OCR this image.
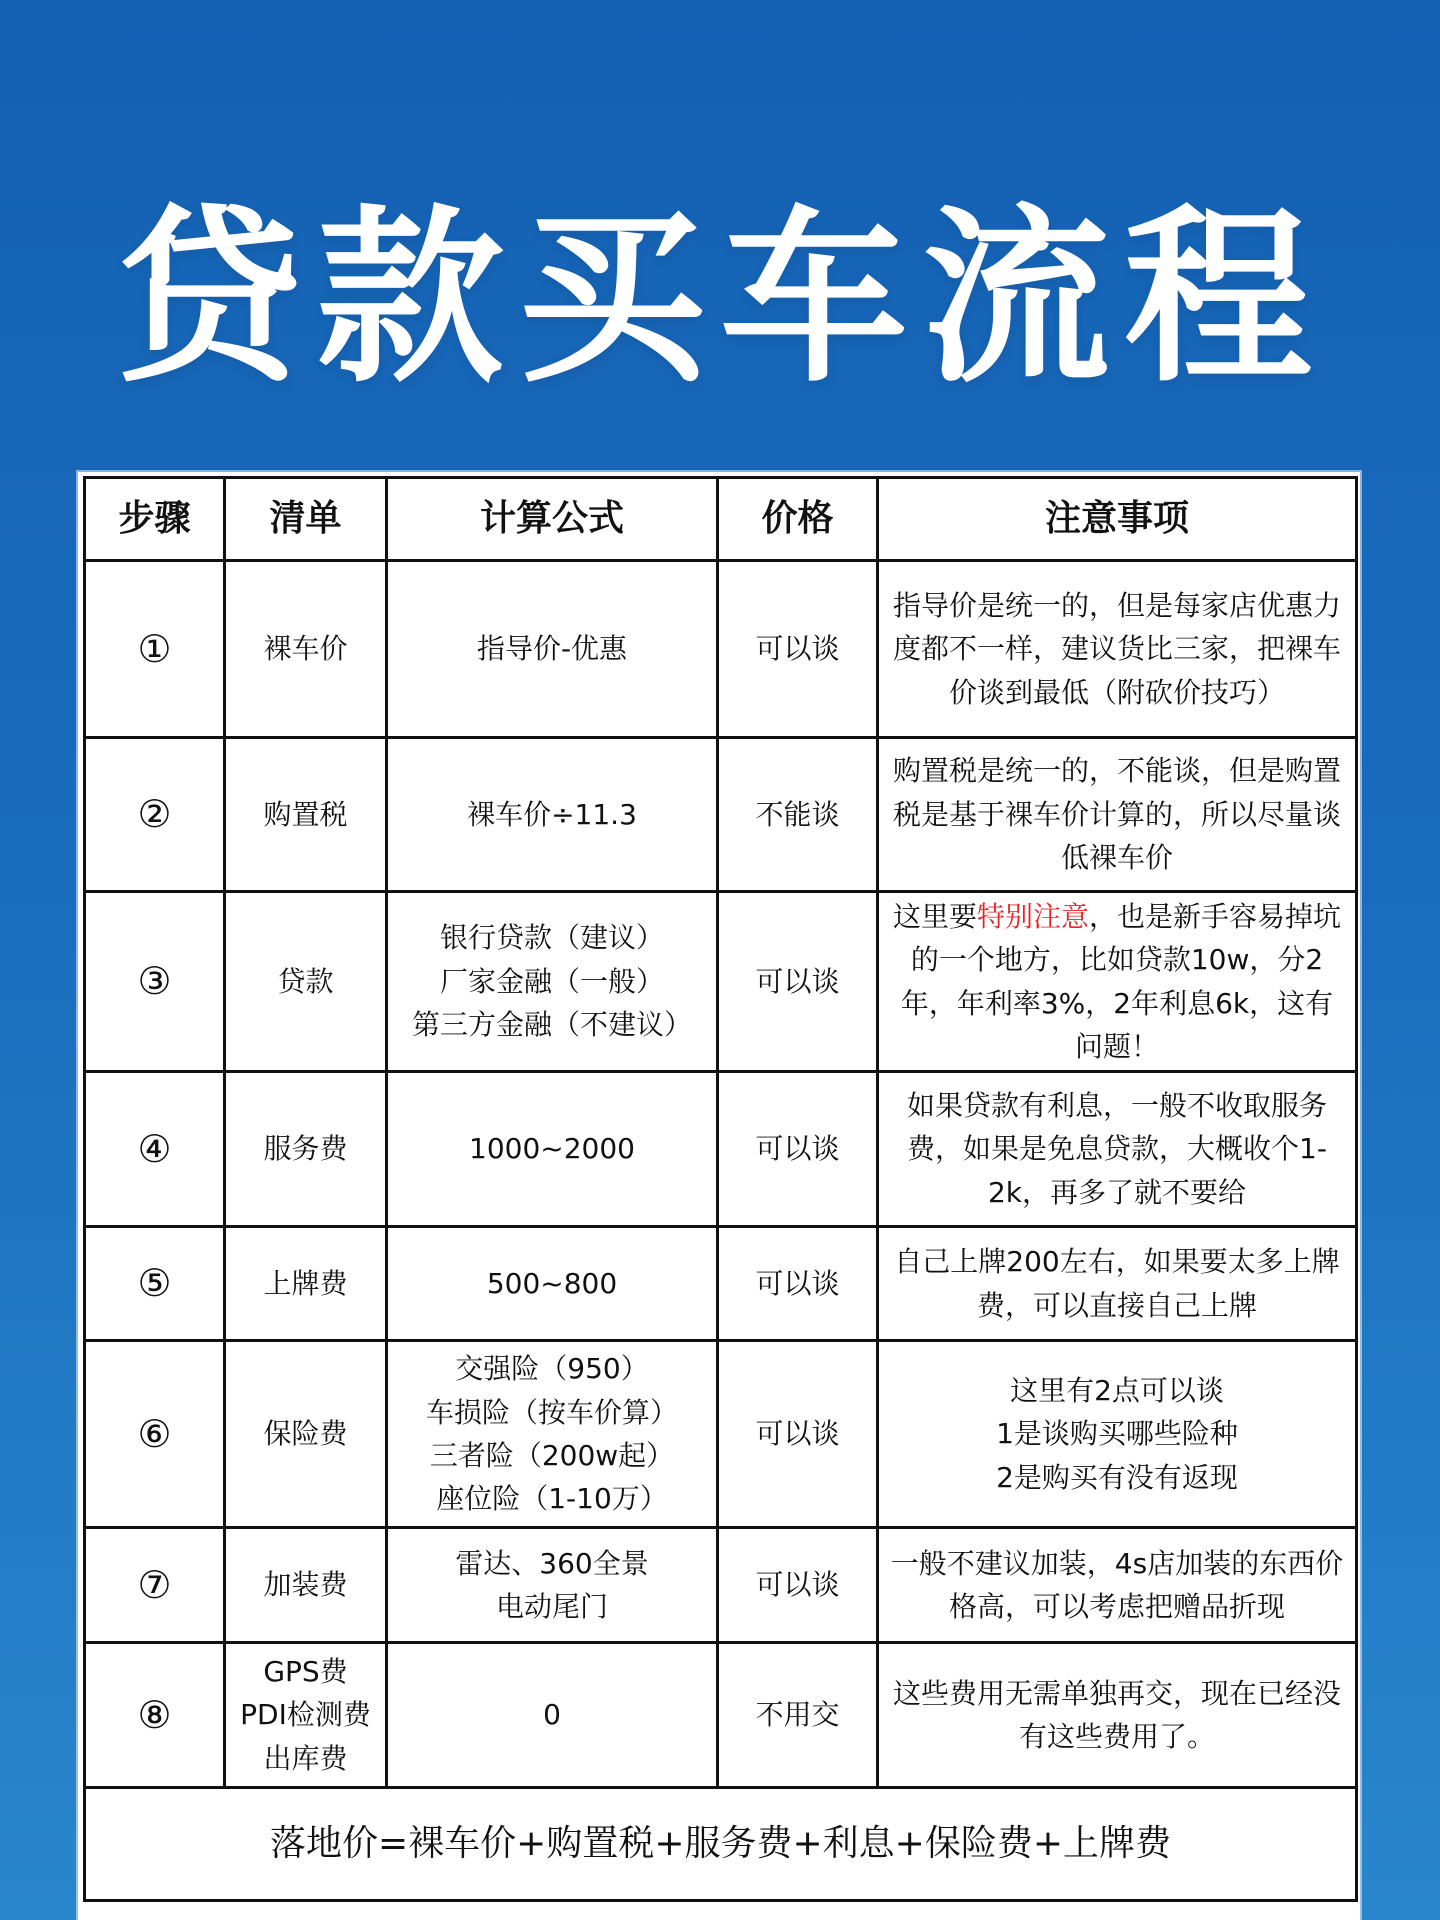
贷款买车流程
步骤	清单	计算公式	价格	注意事项
①	裸车价	指导价-优惠	可以谈	指导价是统一的，但是每家店优惠力度都不一样，建议货比三家，把裸车价谈到最低（附砍价技巧）
②	购置税	裸车价÷11.3	不能谈	购置税是统一的，不能谈，但是购置税是基于裸车价计算的，所以尽量谈低裸车价
③	贷款	银行贷款（建议）
厂家金融（一般）
第三方金融（不建议）	可以谈	这里要特别注意，也是新手容易掉坑的一个地方，比如贷款10w，分2年，年利率3%，2年利息6k，这有问题！
④	服务费	1000~2000	可以谈	如果贷款有利息，一般不收取服务费，如果是免息贷款，大概收个1-2k，再多了就不要给
⑤	上牌费	500~800	可以谈	自己上牌200左右，如果要太多上牌费，可以直接自己上牌
⑥	保险费	交强险（950）
车损险（按车价算）
三者险（200w起）
座位险（1-10万）	可以谈	这里有2点可以谈
1是谈购买哪些险种
2是购买有没有返现

⑦	加装费	雷达、360全景
电动尾门	可以谈	一般不建议加装，4s店加装的东西价格高，可以考虑把赠品折现
⑧	GPS费
PDI检测费
出库费	0	不用交	这些费用无需单独再交，现在已经没有这些费用了。
落地价=裸车价+购置税+服务费+利息+保险费+上牌费				
